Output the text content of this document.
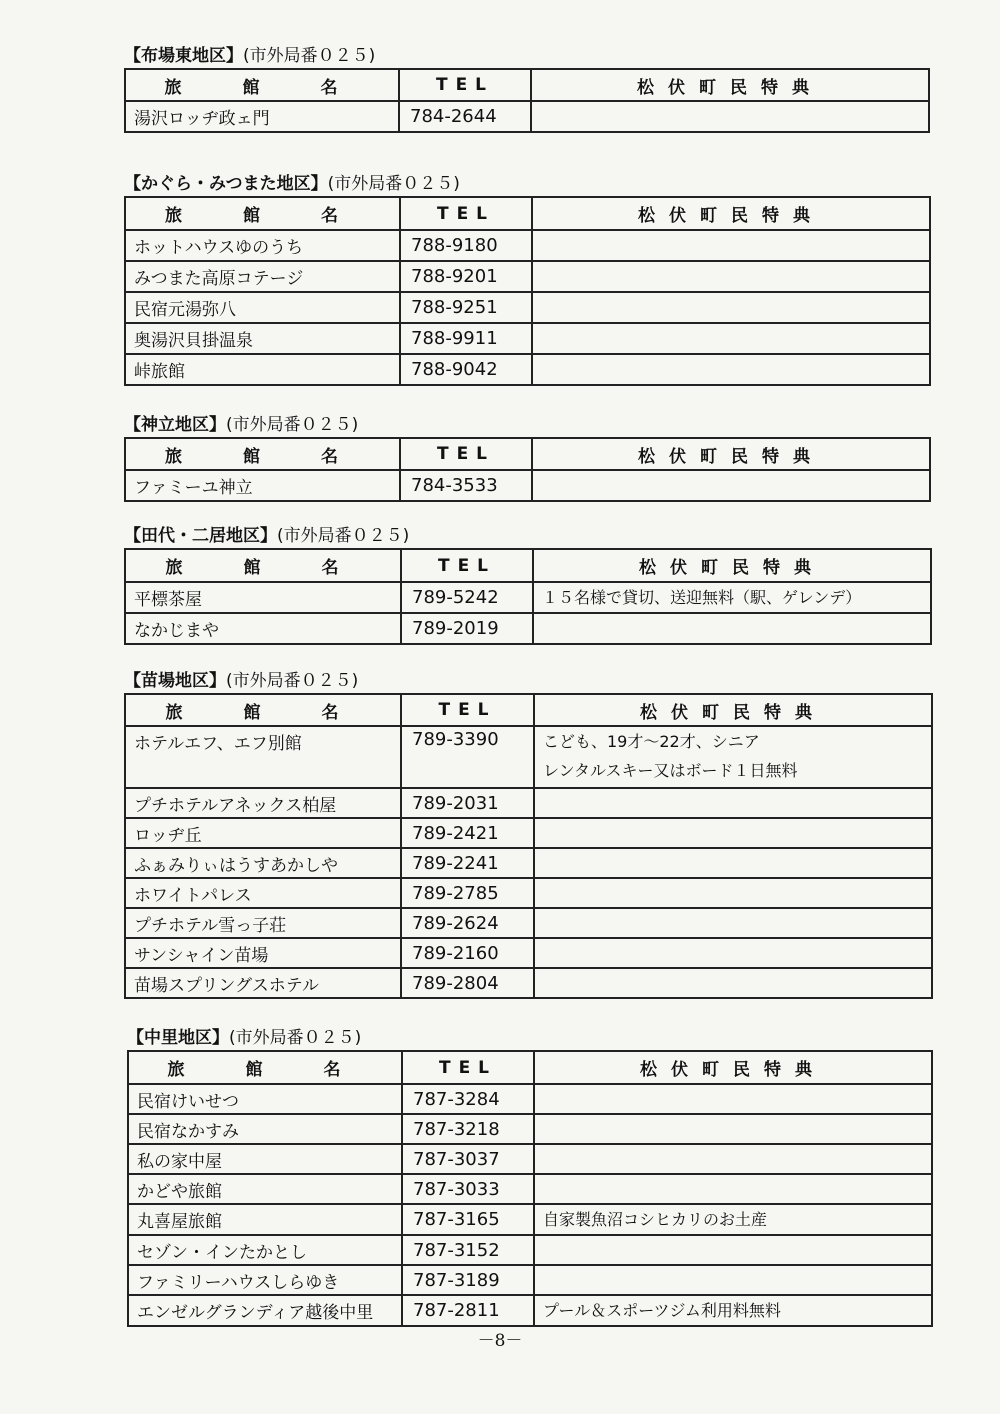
【布場東地区】(市外局番０２５)
旅　館　名	TEL	松伏町民特典
湯沢ロッヂ政ェ門	784-2644	
【かぐら・みつまた地区】(市外局番０２５)
旅　館　名	TEL	松伏町民特典
ホットハウスゆのうち	788-9180	

みつまた高原コテージ	788-9201	

民宿元湯弥八	788-9251	

奥湯沢貝掛温泉	788-9911	

峠旅館	788-9042	
【神立地区】(市外局番０２５)
旅　館　名	TEL	松伏町民特典
ファミーユ神立	784-3533	
【田代・二居地区】(市外局番０２５)
旅　館　名	TEL	松伏町民特典
平標茶屋	789-5242	１５名様で貸切、送迎無料（駅、ゲレンデ）

なかじまや	789-2019	
【苗場地区】(市外局番０２５)
旅　館　名	TEL	松伏町民特典
ホテルエフ、エフ別館	789-3390	こども、19才～22才、シニア
レンタルスキー又はボード１日無料

プチホテルアネックス柏屋	789-2031	

ロッヂ丘	789-2421	

ふぁみりぃはうすあかしや	789-2241	

ホワイトパレス	789-2785	

プチホテル雪っ子荘	789-2624	

サンシャイン苗場	789-2160	

苗場スプリングスホテル	789-2804	
【中里地区】(市外局番０２５)
旅　館　名	TEL	松伏町民特典
民宿けいせつ	787-3284	

民宿なかすみ	787-3218	

私の家中屋	787-3037	

かどや旅館	787-3033	

丸喜屋旅館	787-3165	自家製魚沼コシヒカリのお土産

セゾン・インたかとし	787-3152	

ファミリーハウスしらゆき	787-3189	

エンゼルグランディア越後中里	787-2811	プール＆スポーツジム利用料無料
－8－
